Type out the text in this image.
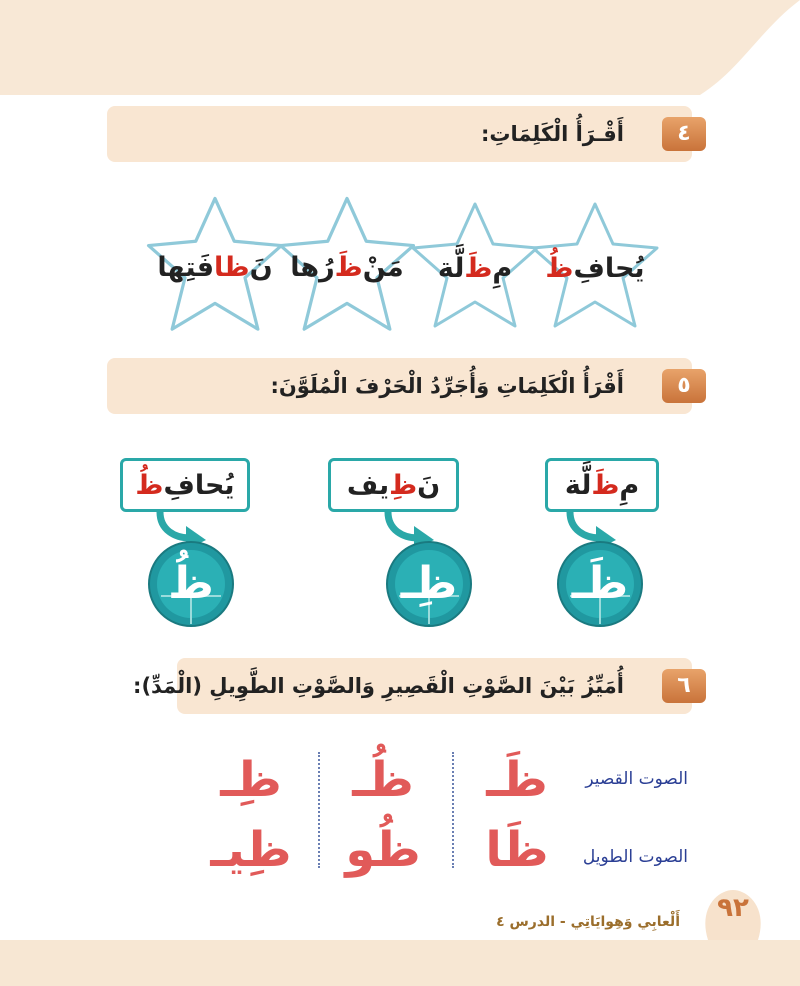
٤
أَقْـرَأُ الْكَلِمَاتِ:
يُحافِ
ظُ
مِ
ظَ
لَّة
مَنْ
ظَ
رُها
نَ
ظا
فَتِها
٥
أَقْرَأُ الْكَلِمَاتِ وَأُجَرِّدُ الْحَرْفَ الْمُلَوَّنَ:
مِ
ظَ
لَّة
نَ
ظِ
يف
يُحافِ
ظُ
ظَـ
ظِـ
ظُ
٦
أُمَيِّزُ بَيْنَ الصَّوْتِ الْقَصِيرِ وَالصَّوْتِ الطَّوِيلِ (الْمَدِّ):
الصوت القصير
الصوت الطويل
ظَـ
ظُـ
ظِـ
ظَا
ظُو
ظِيـ
٩٢
أَلْعابِي وَهِوايَاتِي - الدرس ٤
